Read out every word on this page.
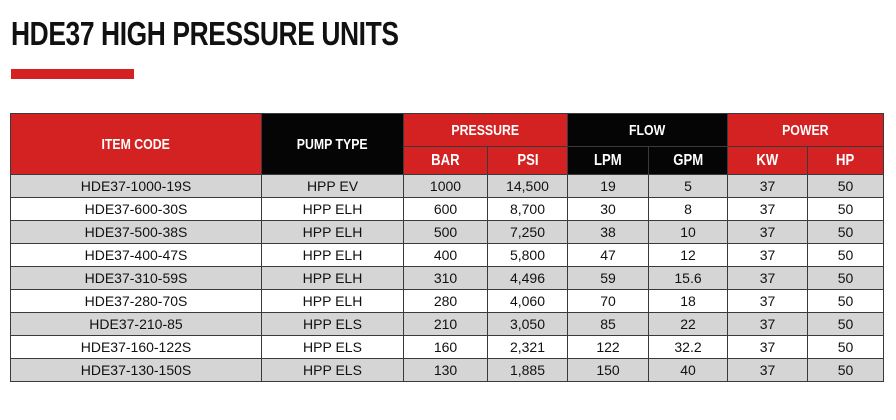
HDE37 HIGH PRESSURE UNITS
ITEM CODE	PUMP TYPE	PRESSURE		FLOW		POWER	
		BAR	PSI	LPM	GPM	KW	HP
HDE37-1000-19S	HPP EV	1000	14,500	19	5	37	50
HDE37-600-30S	HPP ELH	600	8,700	30	8	37	50
HDE37-500-38S	HPP ELH	500	7,250	38	10	37	50
HDE37-400-47S	HPP ELH	400	5,800	47	12	37	50
HDE37-310-59S	HPP ELH	310	4,496	59	15.6	37	50
HDE37-280-70S	HPP ELH	280	4,060	70	18	37	50
HDE37-210-85	HPP ELS	210	3,050	85	22	37	50
HDE37-160-122S	HPP ELS	160	2,321	122	32.2	37	50
HDE37-130-150S	HPP ELS	130	1,885	150	40	37	50
